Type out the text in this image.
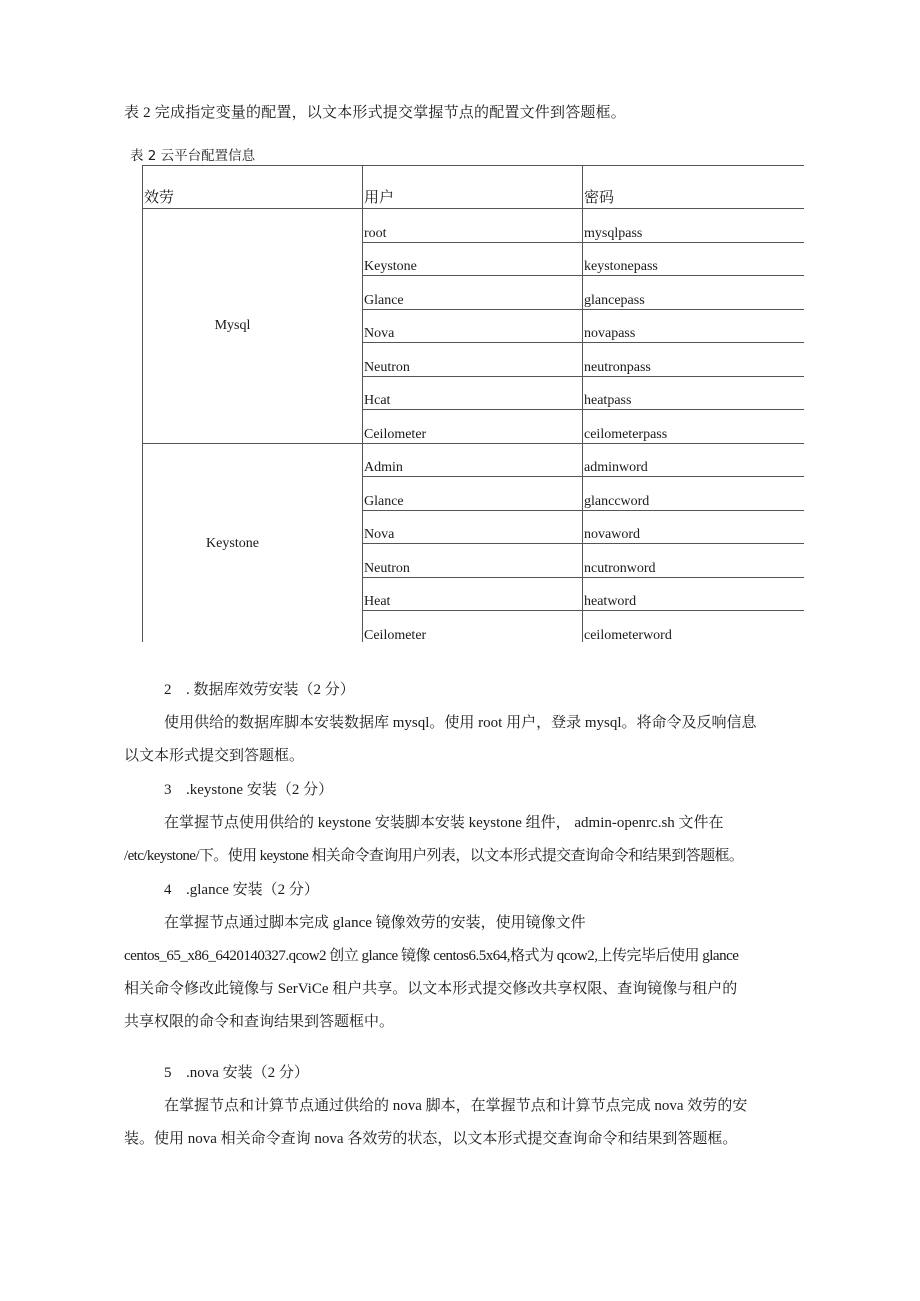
表 2 完成指定变量的配置，以文本形式提交掌握节点的配置文件到答题框。
表 2 云平台配置信息
效劳	用户	密码
Mysql	root	mysqlpass
	Keystone	keystonepass
	Glance	glancepass
	Nova	novapass
	Neutron	neutronpass
	Hcat	heatpass
	Ceilometer	ceilometerpass
Keystone	Admin	adminword
	Glance	glanccword
	Nova	novaword
	Neutron	ncutronword
	Heat	heatword
	Ceilometer	ceilometerword
2 . 数据库效劳安装（2 分）
使用供给的数据库脚本安装数据库 mysql。使用 root 用户，登录 mysql。将命令及反响信息
以文本形式提交到答题框。
3 .keystone 安装（2 分）
在掌握节点使用供给的 keystone 安装脚本安装 keystone 组件， admin-openrc.sh 文件在
/etc/keystone/下。使用 keystone 相关命令查询用户列表，以文本形式提交查询命令和结果到答题框。
4 .glance 安装（2 分）
在掌握节点通过脚本完成 glance 镜像效劳的安装，使用镜像文件
centos_65_x86_6420140327.qcow2 创立 glance 镜像 centos6.5x64,格式为 qcow2,上传完毕后使用 glance
相关命令修改此镜像与 SerViCe 租户共享。以文本形式提交修改共享权限、查询镜像与租户的
共享权限的命令和查询结果到答题框中。
5 .nova 安装（2 分）
在掌握节点和计算节点通过供给的 nova 脚本，在掌握节点和计算节点完成 nova 效劳的安
装。使用 nova 相关命令查询 nova 各效劳的状态，以文本形式提交查询命令和结果到答题框。
